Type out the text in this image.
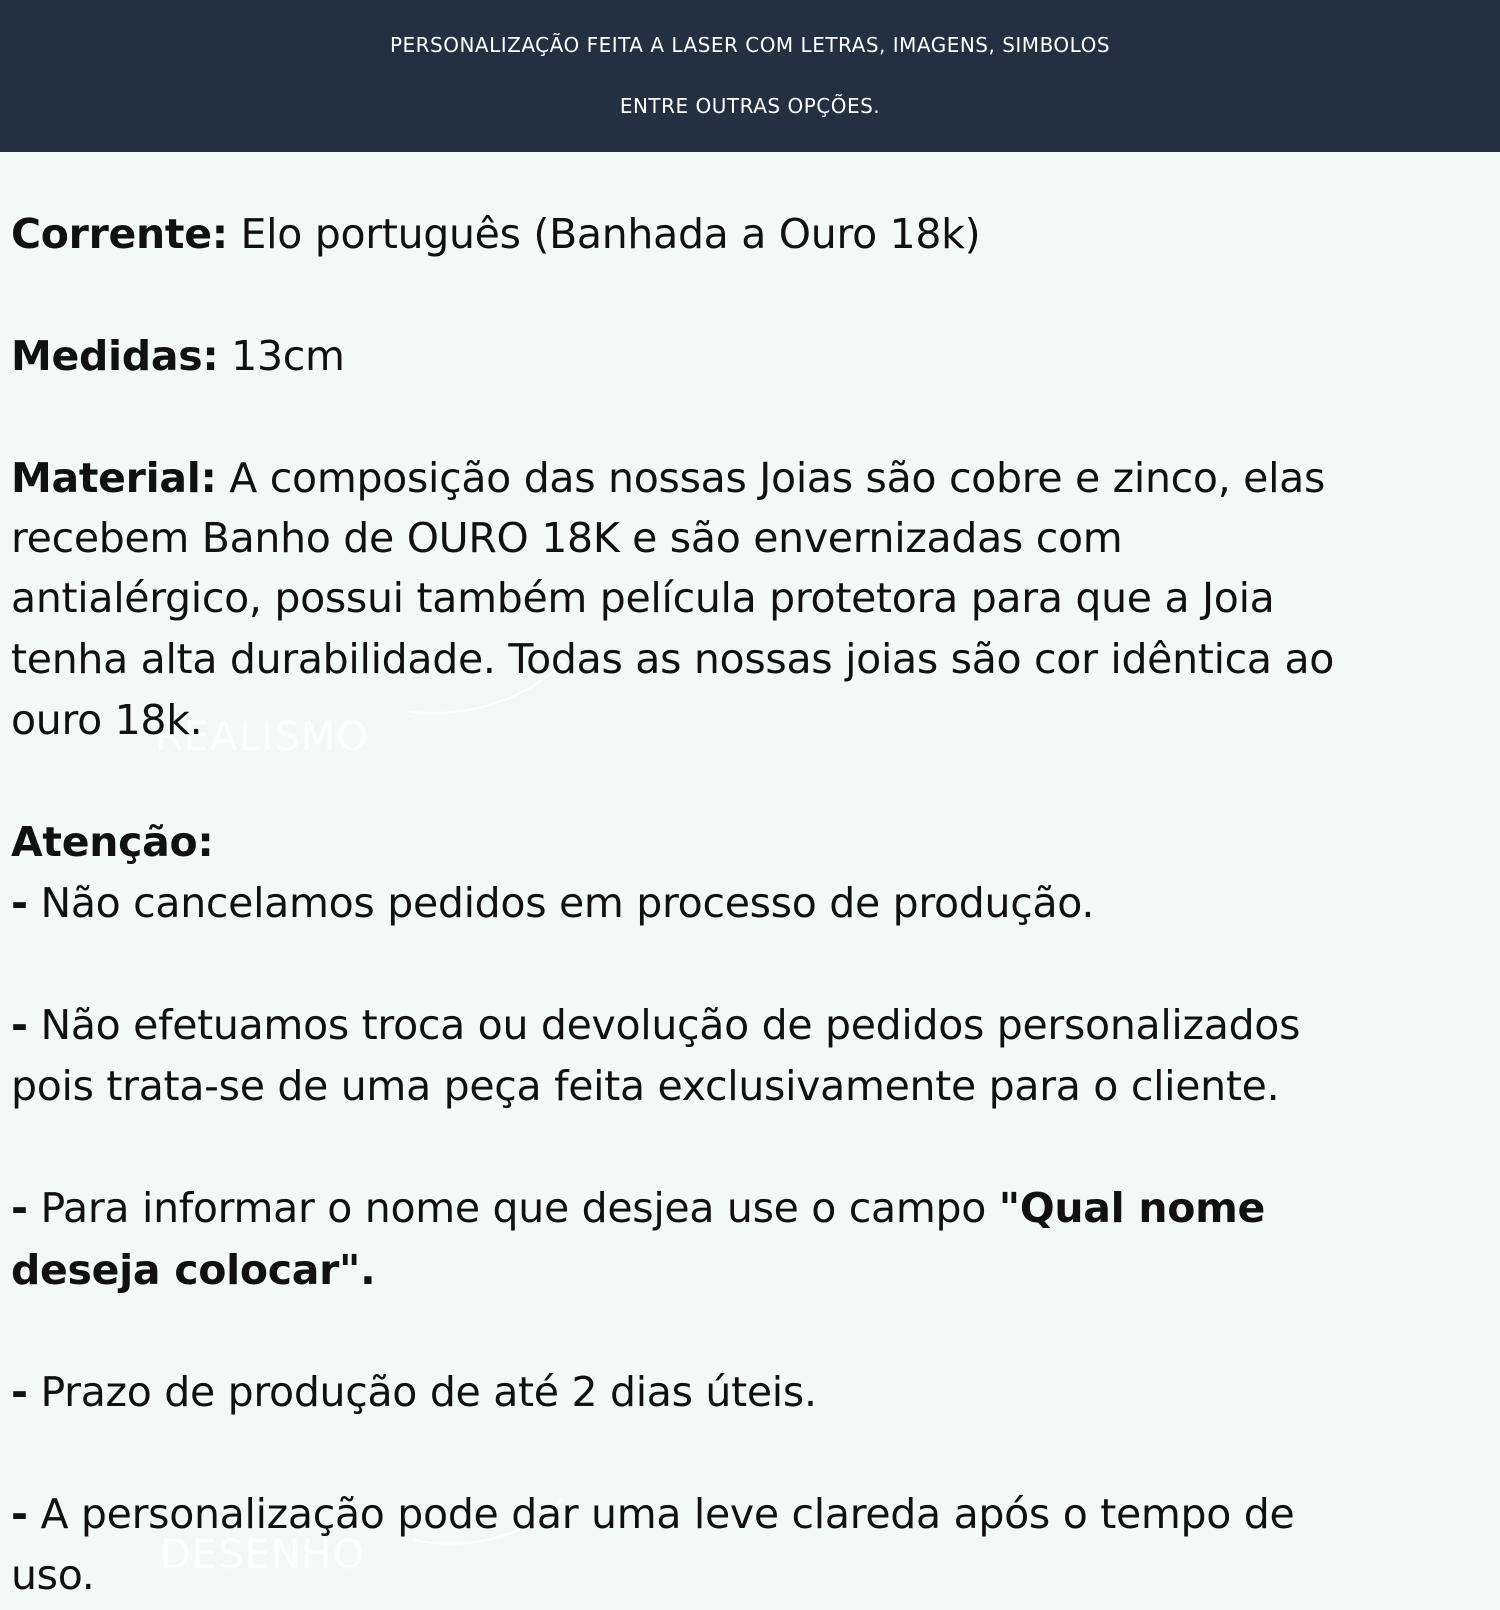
PERSONALIZAÇÃO FEITA A LASER COM LETRAS, IMAGENS, SIMBOLOS
ENTRE OUTRAS OPÇÕES.
REALISMO
DESENHO
Corrente: Elo português (Banhada a Ouro 18k)
Medidas: 13cm
Material: A composição das nossas Joias são cobre e zinco, elas
recebem Banho de OURO 18K e são envernizadas com
antialérgico, possui também película protetora para que a Joia
tenha alta durabilidade. Todas as nossas joias são cor idêntica ao
ouro 18k.
Atenção:
- Não cancelamos pedidos em processo de produção.
- Não efetuamos troca ou devolução de pedidos personalizados
pois trata-se de uma peça feita exclusivamente para o cliente.
- Para informar o nome que desjea use o campo "Qual nome
deseja colocar".
- Prazo de produção de até 2 dias úteis.
- A personalização pode dar uma leve clareda após o tempo de
uso.
